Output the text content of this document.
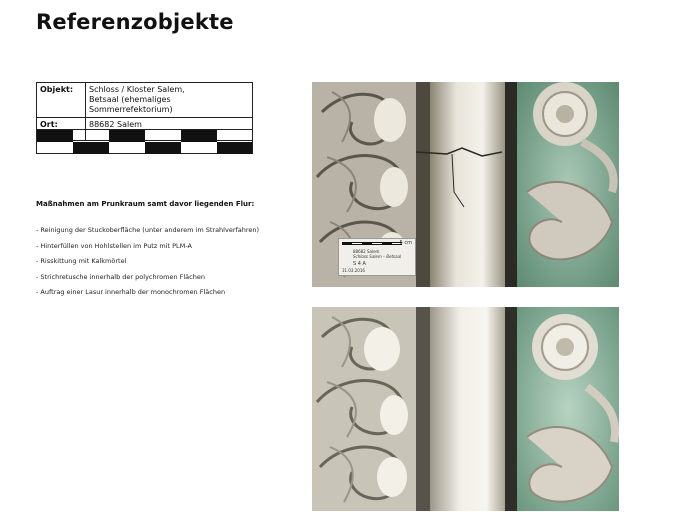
Referenzobjekte
Objekt:	Schloss / Kloster Salem,
Betsaal (ehemaliges Sommerrefektorium)

Ort:	88682 Salem
Maßnahmen am Prunkraum samt davor liegenden Flur:
- Reinigung der Stuckoberfläche (unter anderem im Strahlverfahren)
- Hinterfüllen von Hohlstellen im Putz mit PLM-A
- Risskittung mit Kalkmörtel
- Strichretusche innerhalb der polychromen Flächen
- Auftrag einer Lasur innerhalb der monochromen Flächen
5 cm
88682 Salem
Schloss Salem – Betsaal
S 4 A
31.03.2016
